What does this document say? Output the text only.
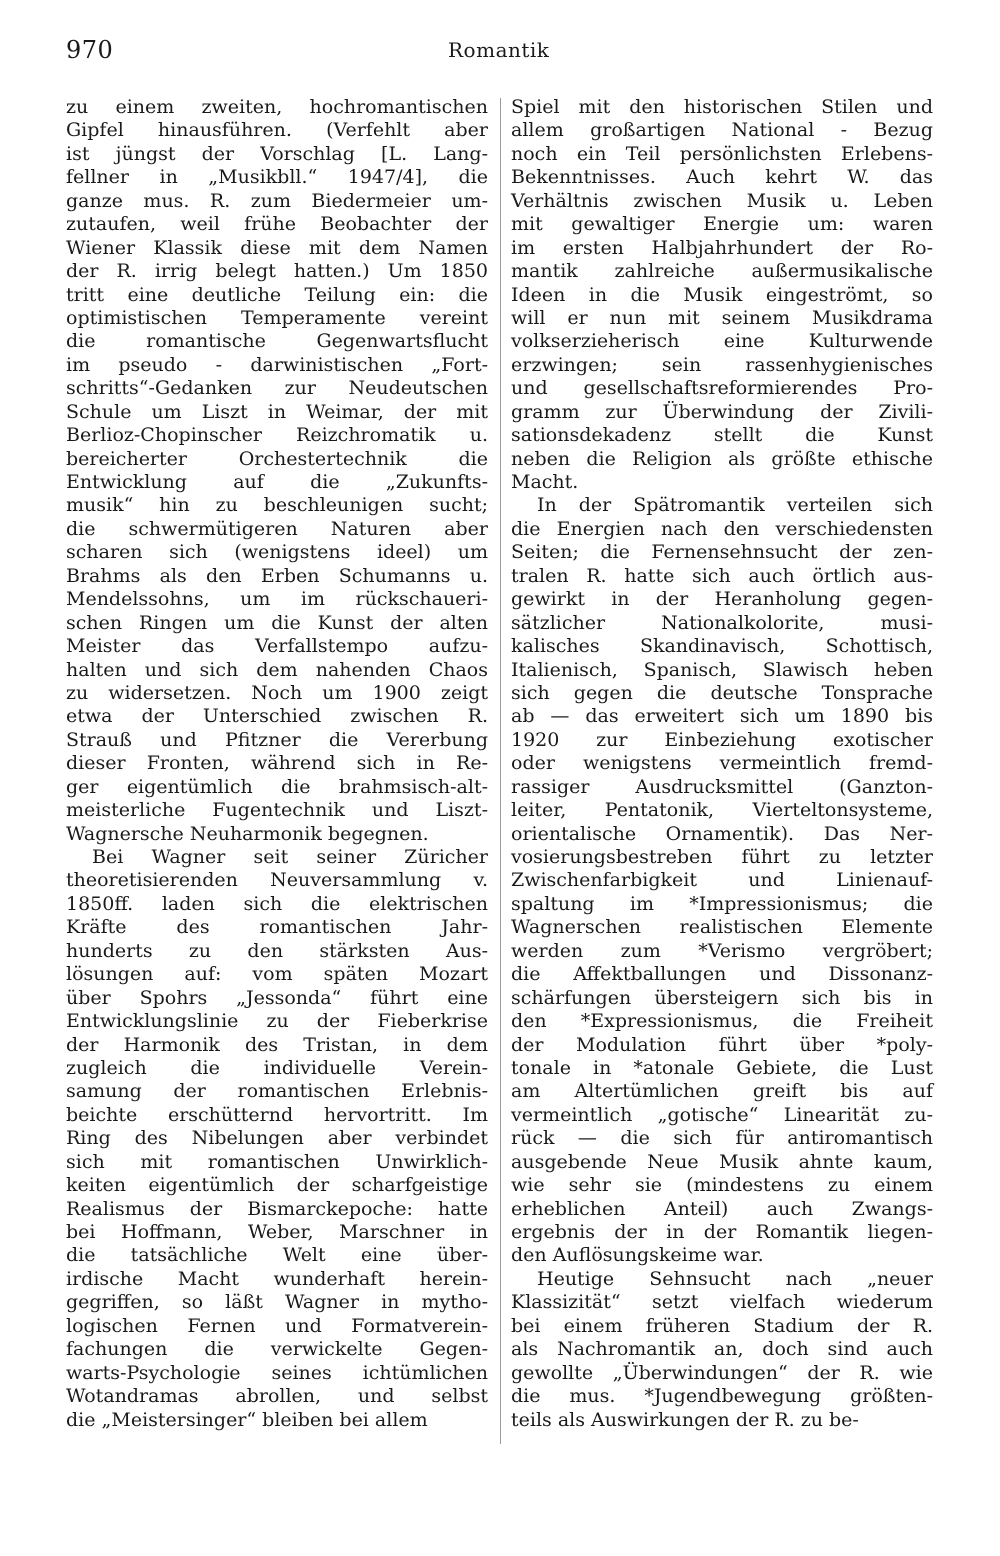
970	Romantik
zu einem zweiten, hochromantischen
Gipfel hinausführen. (Verfehlt aber
ist jüngst der Vorschlag [L. Lang-
fellner in „Musikbll.“ 1947/4], die
ganze mus. R. zum Biedermeier um-
zutaufen, weil frühe Beobachter der
Wiener Klassik diese mit dem Namen
der R. irrig belegt hatten.) Um 1850
tritt eine deutliche Teilung ein: die
optimistischen Temperamente vereint
die romantische Gegenwartsflucht
im pseudo - darwinistischen „Fort-
schritts“-Gedanken zur Neudeutschen
Schule um Liszt in Weimar, der mit
Berlioz-Chopinscher Reizchromatik u.
bereicherter Orchestertechnik die
Entwicklung auf die „Zukunfts-
musik“ hin zu beschleunigen sucht;
die schwermütigeren Naturen aber
scharen sich (wenigstens ideel) um
Brahms als den Erben Schumanns u.
Mendelssohns, um im rückschaueri-
schen Ringen um die Kunst der alten
Meister das Verfallstempo aufzu-
halten und sich dem nahenden Chaos
zu widersetzen. Noch um 1900 zeigt
etwa der Unterschied zwischen R.
Strauß und Pfitzner die Vererbung
dieser Fronten, während sich in Re-
ger eigentümlich die brahmsisch-alt-
meisterliche Fugentechnik und Liszt-
Wagnersche Neuharmonik begegnen.
Bei Wagner seit seiner Züricher
theoretisierenden Neuversammlung v.
1850ff. laden sich die elektrischen
Kräfte des romantischen Jahr-
hunderts zu den stärksten Aus-
lösungen auf: vom späten Mozart
über Spohrs „Jessonda“ führt eine
Entwicklungslinie zu der Fieberkrise
der Harmonik des Tristan, in dem
zugleich die individuelle Verein-
samung der romantischen Erlebnis-
beichte erschütternd hervortritt. Im
Ring des Nibelungen aber verbindet
sich mit romantischen Unwirklich-
keiten eigentümlich der scharfgeistige
Realismus der Bismarckepoche: hatte
bei Hoffmann, Weber, Marschner in
die tatsächliche Welt eine über-
irdische Macht wunderhaft herein-
gegriffen, so läßt Wagner in mytho-
logischen Fernen und Formatverein-
fachungen die verwickelte Gegen-
warts-Psychologie seines ichtümlichen
Wotandramas abrollen, und selbst
die „Meistersinger“ bleiben bei allem
Spiel mit den historischen Stilen und
allem großartigen National - Bezug
noch ein Teil persönlichsten Erlebens-
Bekenntnisses. Auch kehrt W. das
Verhältnis zwischen Musik u. Leben
mit gewaltiger Energie um: waren
im ersten Halbjahrhundert der Ro-
mantik zahlreiche außermusikalische
Ideen in die Musik eingeströmt, so
will er nun mit seinem Musikdrama
volkserzieherisch eine Kulturwende
erzwingen; sein rassenhygienisches
und gesellschaftsreformierendes Pro-
gramm zur Überwindung der Zivili-
sationsdekadenz stellt die Kunst
neben die Religion als größte ethische
Macht.
In der Spätromantik verteilen sich
die Energien nach den verschiedensten
Seiten; die Fernensehnsucht der zen-
tralen R. hatte sich auch örtlich aus-
gewirkt in der Heranholung gegen-
sätzlicher Nationalkolorite, musi-
kalisches Skandinavisch, Schottisch,
Italienisch, Spanisch, Slawisch heben
sich gegen die deutsche Tonsprache
ab — das erweitert sich um 1890 bis
1920 zur Einbeziehung exotischer
oder wenigstens vermeintlich fremd-
rassiger Ausdrucksmittel (Ganzton-
leiter, Pentatonik, Vierteltonsysteme,
orientalische Ornamentik). Das Ner-
vosierungsbestreben führt zu letzter
Zwischenfarbigkeit und Linienauf-
spaltung im *Impressionismus; die
Wagnerschen realistischen Elemente
werden zum *Verismo vergröbert;
die Affektballungen und Dissonanz-
schärfungen übersteigern sich bis in
den *Expressionismus, die Freiheit
der Modulation führt über *poly-
tonale in *atonale Gebiete, die Lust
am Altertümlichen greift bis auf
vermeintlich „gotische“ Linearität zu-
rück — die sich für antiromantisch
ausgebende Neue Musik ahnte kaum,
wie sehr sie (mindestens zu einem
erheblichen Anteil) auch Zwangs-
ergebnis der in der Romantik liegen-
den Auflösungskeime war.
Heutige Sehnsucht nach „neuer
Klassizität“ setzt vielfach wiederum
bei einem früheren Stadium der R.
als Nachromantik an, doch sind auch
gewollte „Überwindungen“ der R. wie
die mus. *Jugendbewegung größten-
teils als Auswirkungen der R. zu be-
